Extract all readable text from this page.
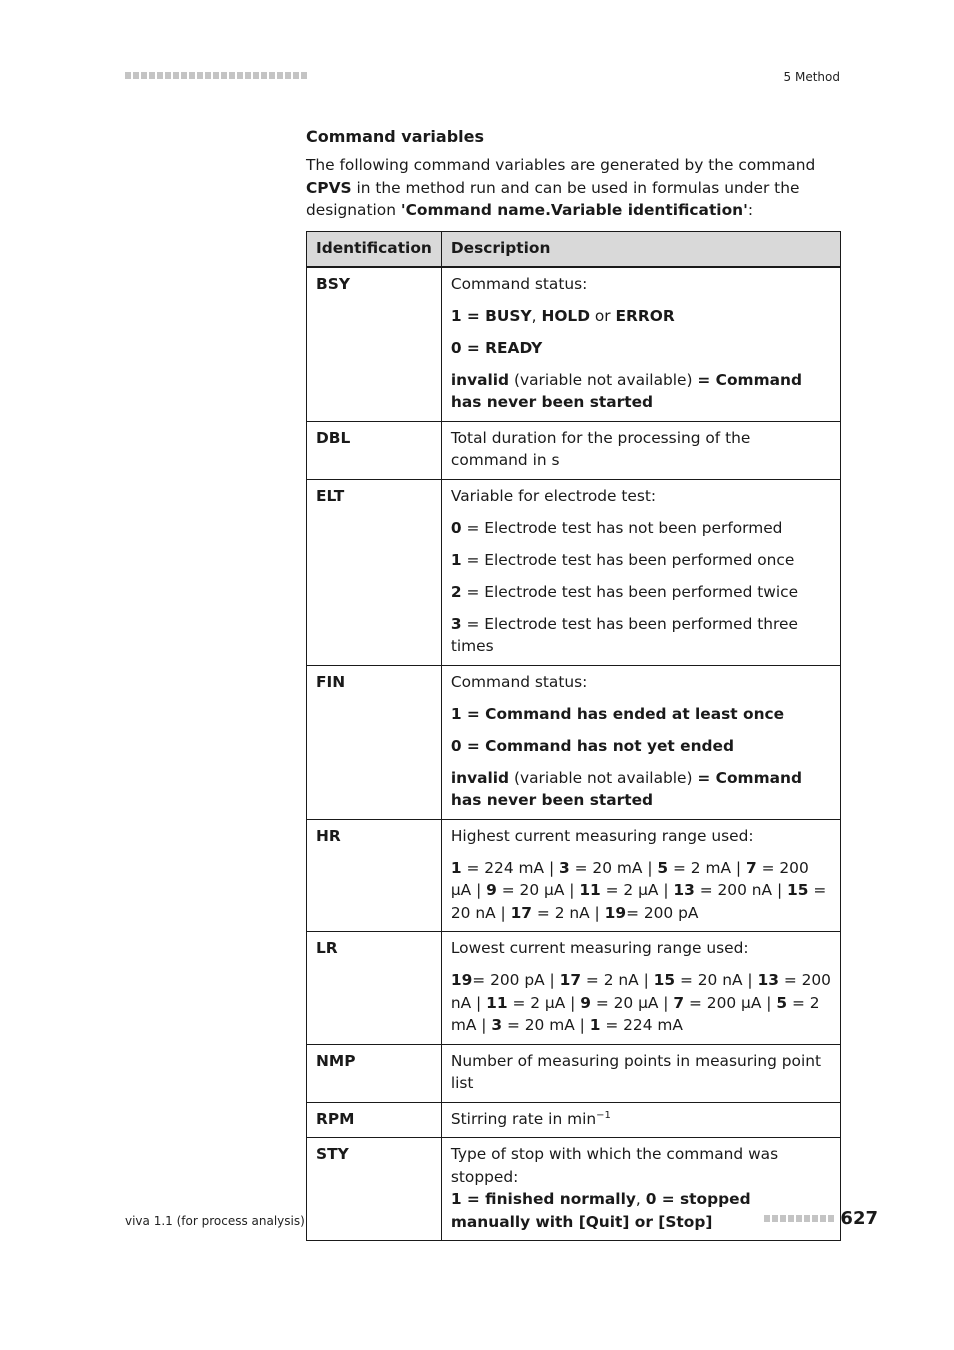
5 Method
Command variables
The following command variables are generated by the command CPVS in the method run and can be used in formulas under the designation 'Command name.Variable identification':
Identification	Description
BSY	Command status:
1 = BUSY, HOLD or ERROR
0 = READY
invalid (variable not available) = Command has never been started

DBL	Total duration for the processing of the command in s

ELT	Variable for electrode test:
0 = Electrode test has not been performed
1 = Electrode test has been performed once
2 = Electrode test has been performed twice
3 = Electrode test has been performed three times

FIN	Command status:
1 = Command has ended at least once
0 = Command has not yet ended
invalid (variable not available) = Command has never been started

HR	Highest current measuring range used:
1 = 224 mA | 3 = 20 mA | 5 = 2 mA | 7 = 200 µA | 9 = 20 µA | 11 = 2 µA | 13 = 200 nA | 15 = 20 nA | 17 = 2 nA | 19= 200 pA

LR	Lowest current measuring range used:
19= 200 pA | 17 = 2 nA | 15 = 20 nA | 13 = 200 nA | 11 = 2 µA | 9 = 20 µA | 7 = 200 µA | 5 = 2 mA | 3 = 20 mA | 1 = 224 mA

NMP	Number of measuring points in measuring point list

RPM	Stirring rate in $\min^{-1}$

STY	Type of stop with which the command was stopped:
1 = finished normally, 0 = stopped manually with [Quit] or [Stop]
viva 1.1 (for process analysis)	627
